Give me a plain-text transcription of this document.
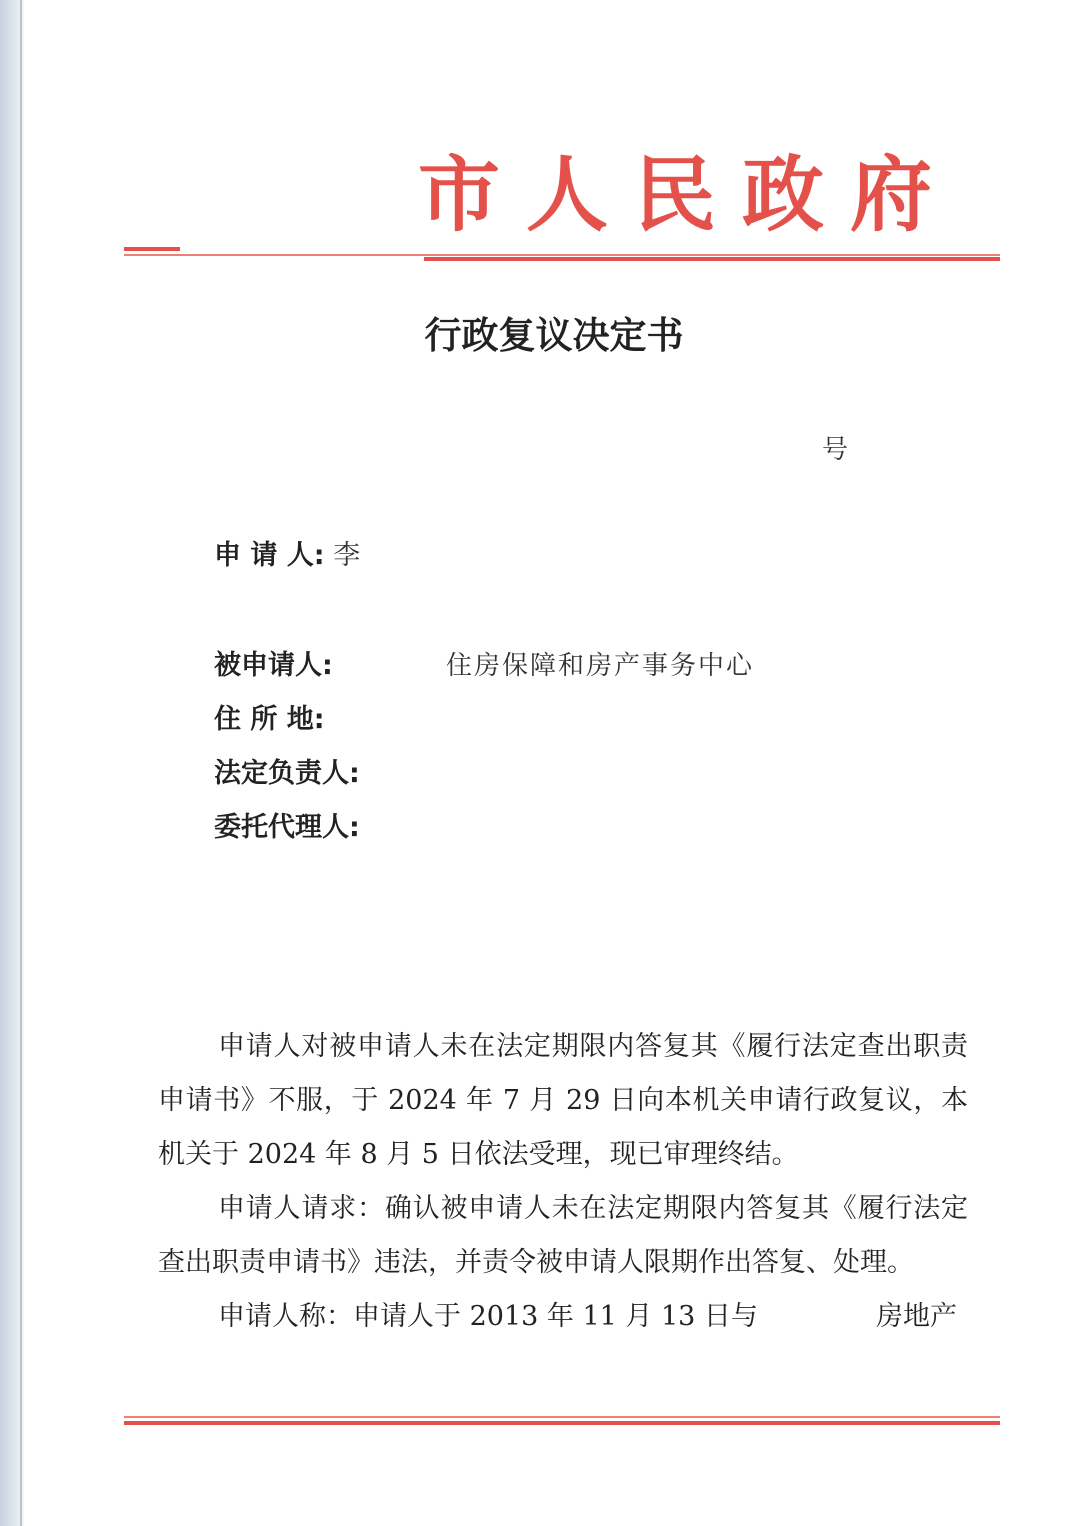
市人民政府
行政复议决定书
号
申 请 人: 李
被申请人:	住房保障和房产事务中心
住 所 地:
法定负责人:
委托代理人:

申请人对被申请人未在法定期限内答复其《履行法定查出职责申请书》不服，于 2024 年 7 月 29 日向本机关申请行政复议，本机关于 2024 年 8 月 5 日依法受理，现已审理终结。

申请人请求：确认被申请人未在法定期限内答复其《履行法定查出职责申请书》违法，并责令被申请人限期作出答复、处理。

申请人称：申请人于 2013 年 11 月 13 日与	房地产
